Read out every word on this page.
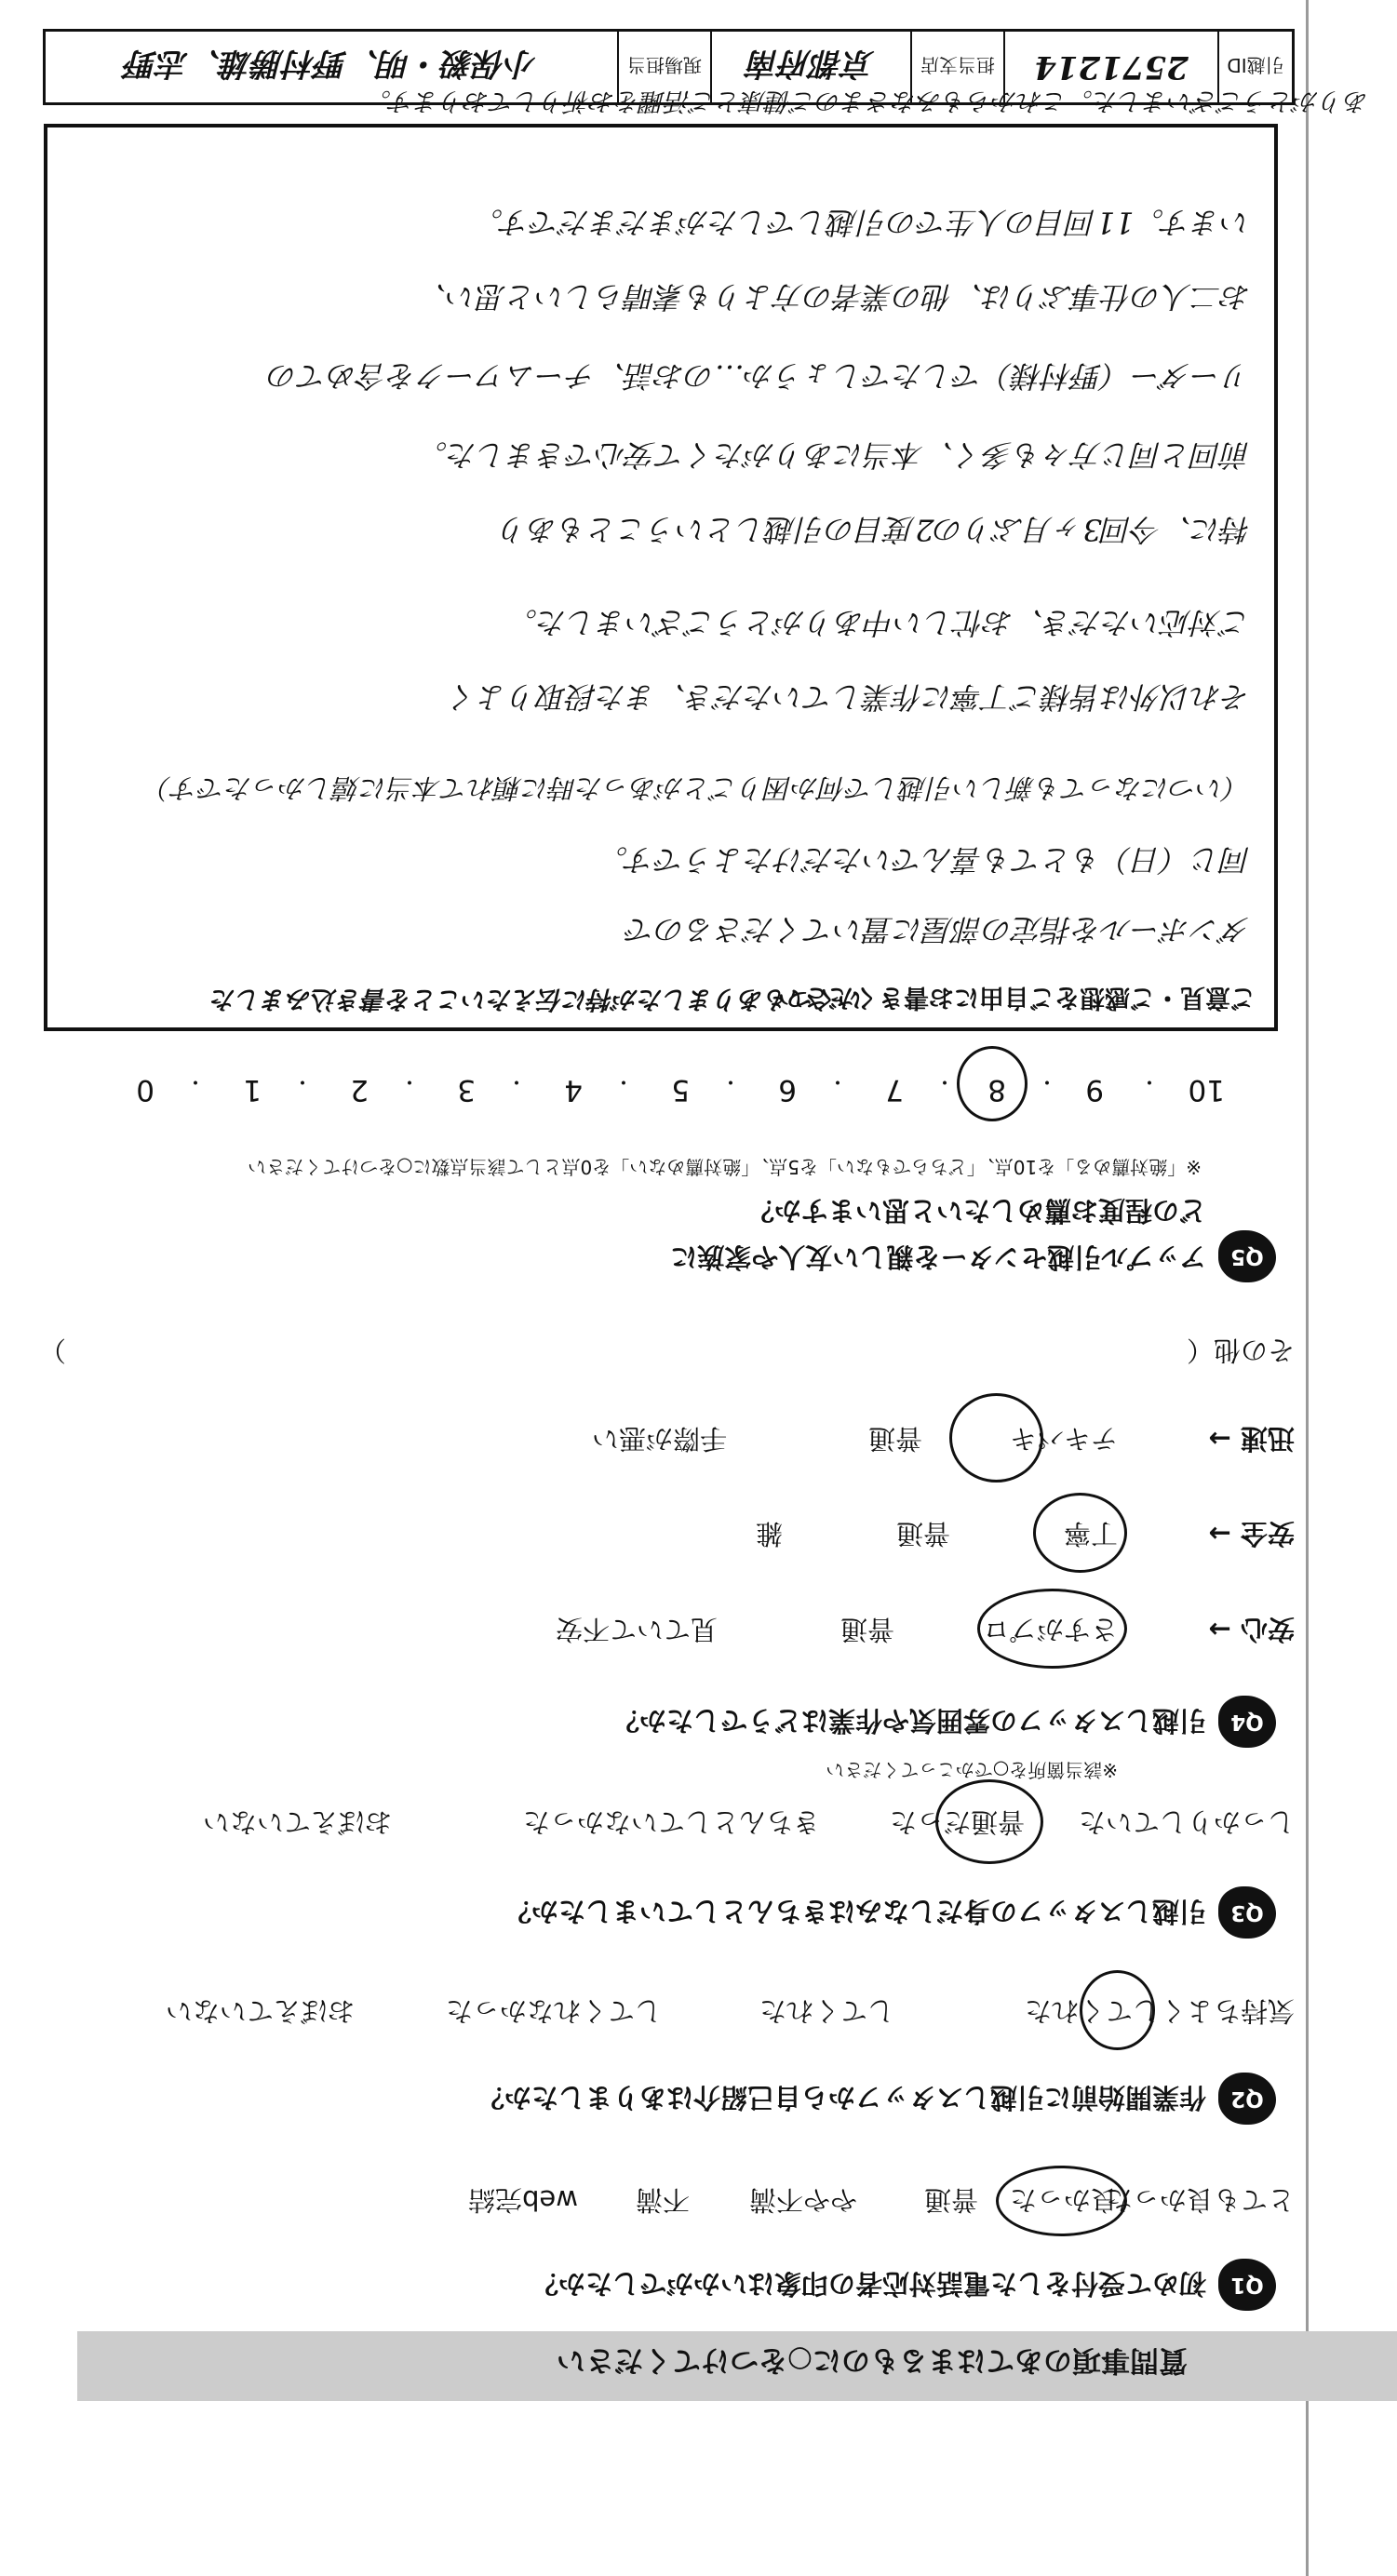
質問事項のあてはまるものに○をつけてください
Q1
初めて受付をした電話対応者の印象はいかがでしたか？
とても良かった
良かった
普通
やや不満
不満
web完結
Q2
作業開始前に引越しスタッフから自己紹介はありましたか？
気持ちよくしてくれた
してくれた
してくれなかった
おぼえていない
Q3
引越しスタッフの身だしなみはきちんとしていましたか？
しっかりしていた
普通だった
きちんとしていなかった
おぼえていない
Q4
引越しスタッフの雰囲気や作業はどうでしたか？
※該当箇所を○でかこってください
安心 →
さすがプロ
普通
見ていて不安
安全 →
丁寧
普通
雑
迅速 →
テキパキ
普通
手際が悪い
その他（
）
Q5
アップル引越センターを親しい友人や家族に
どの程度お薦めしたいと思いますか？
※「絶対薦める」を10点、「どちらでもない」を5点、「絶対薦めない」を0点として該当点数に○をつけてください
10
・
9
・
8
・
7
・
6
・
5
・
4
・
3
・
2
・
1
・
0
ご意見・ご感想をご自由にお書きください
いくつもありましたが特に伝えたいことを書き込みました
ダンボールを指定の部屋に置いてくださるので
同じ（日）もとても喜んでいただけたようです。
（いつになっても新しい引越しで何か困りごとがあった時に頼れて本当に嬉しかったです）
それ以外は皆様ご丁寧に作業していただき、また段取りよく
ご対応いただき、お忙しい中ありがとうございました。
特に、今回3ヶ月ぶりの2度目の引越しということもあり
前回と同じ方々も多く、本当にありがたくて安心できました。
リーダー（野村様）でしたでしょうか…のお話、チームワークを含めての
お二人の仕事ぶりは、他の業者の方よりも素晴らしいと思い、
います。11回目の人生での引越しでしたがまだまだです。
ありがとうございました。これからもみなさまのご健康とご活躍をお祈りしております。
引越ID
2571214
担当支店
京都府南
現場担当
小保毅・明、野村勝雄、志野
